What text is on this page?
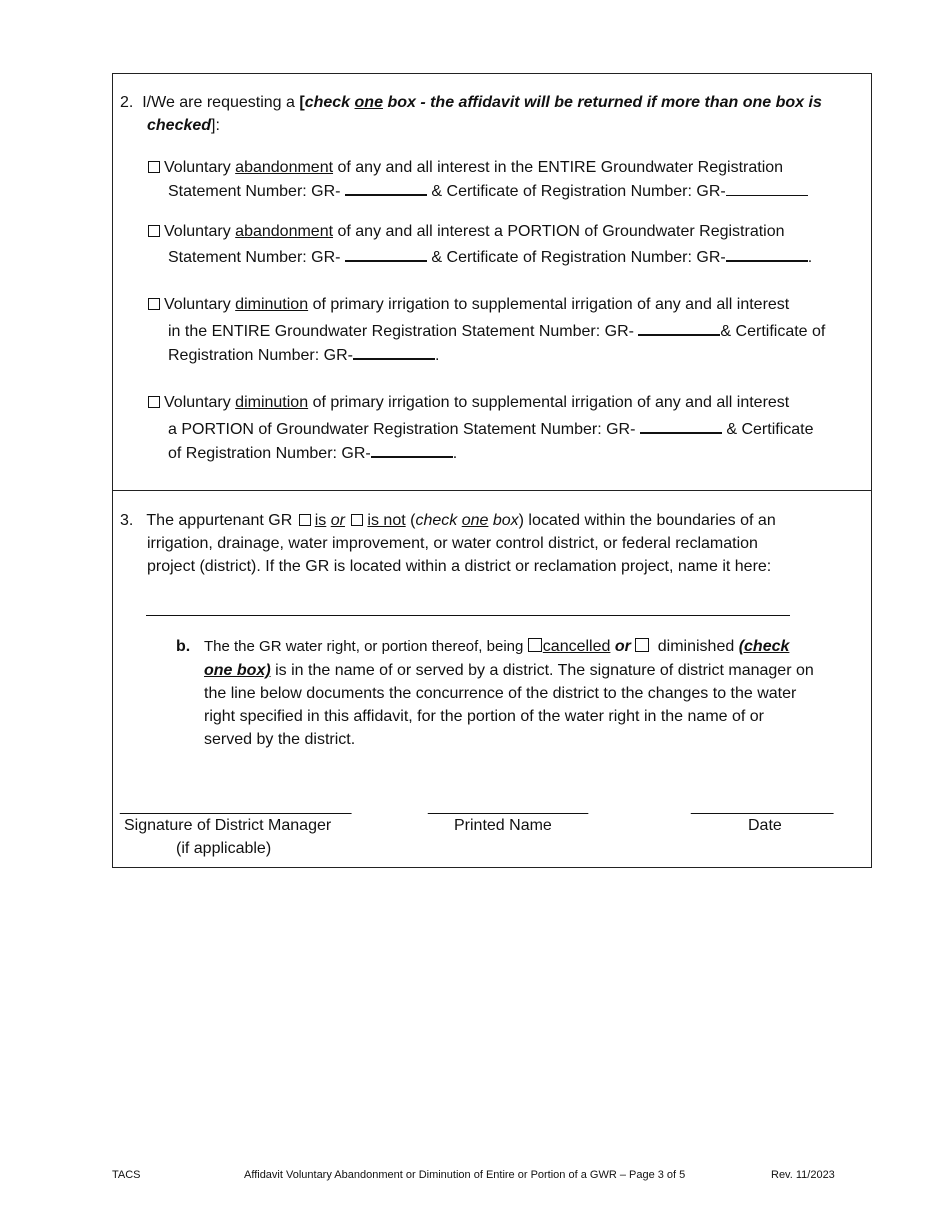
2. I/We are requesting a [check one box - the affidavit will be returned if more than one box is
checked]:
Voluntary abandonment of any and all interest in the ENTIRE Groundwater Registration
Statement Number: GR-	& Certificate of Registration Number: GR-
Voluntary abandonment of any and all interest a PORTION of Groundwater Registration
Statement Number: GR-	& Certificate of Registration Number: GR-	.
Voluntary diminution of primary irrigation to supplemental irrigation of any and all interest
in the ENTIRE Groundwater Registration Statement Number: GR-	& Certificate of
Registration Number: GR-	.
Voluntary diminution of primary irrigation to supplemental irrigation of any and all interest
a PORTION of Groundwater Registration Statement Number: GR-	& Certificate
of Registration Number: GR-	.
3. The appurtenant GR is or is not (check one box) located within the boundaries of an
irrigation, drainage, water improvement, or water control district, or federal reclamation
project (district). If the GR is located within a district or reclamation project, name it here:
b. The the GR water right, or portion thereof, being cancelled or diminished (check
one box) is in the name of or served by a district. The signature of district manager on
the line below documents the concurrence of the district to the changes to the water
right specified in this affidavit, for the portion of the water right in the name of or
served by the district.
__________________________	__________________	________________
Signature of District Manager
(if applicable)
Printed Name	Date
TACS	Affidavit Voluntary Abandonment or Diminution of Entire or Portion of a GWR – Page 3 of 5	Rev. 11/2023
